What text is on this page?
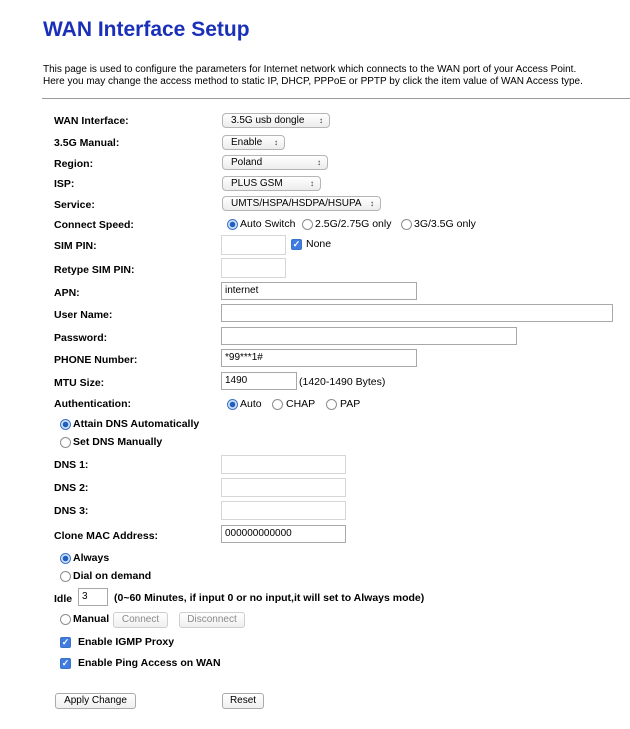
WAN Interface Setup
This page is used to configure the parameters for Internet network which connects to the WAN port of your Access Point.
Here you may change the access method to static IP, DHCP, PPPoE or PPTP by click the item value of WAN Access type.
WAN Interface:	3.5G usb dongle ↕
3.5G Manual:	Enable ↕
Region:	Poland	↕
ISP:	PLUS GSM	↕
Service:	UMTS/HSPA/HSDPA/HSUPA ↕
Connect Speed:	Auto Switch 2.5G/2.75G only 3G/3.5G only
SIM PIN:	✓ None
Retype SIM PIN:
APN:	internet
User Name:
Password:
PHONE Number:	*99***1#
MTU Size:	1490	(1420-1490 Bytes)
Authentication:	Auto CHAP PAP
Attain DNS Automatically
Set DNS Manually
DNS 1:
DNS 2:
DNS 3:
Clone MAC Address:	000000000000
Always
Dial on demand
Idle 3	(0~60 Minutes, if input 0 or no input,it will set to Always mode)
Manual	Connect	Disconnect
✓ Enable IGMP Proxy
✓ Enable Ping Access on WAN
Apply Change	Reset
